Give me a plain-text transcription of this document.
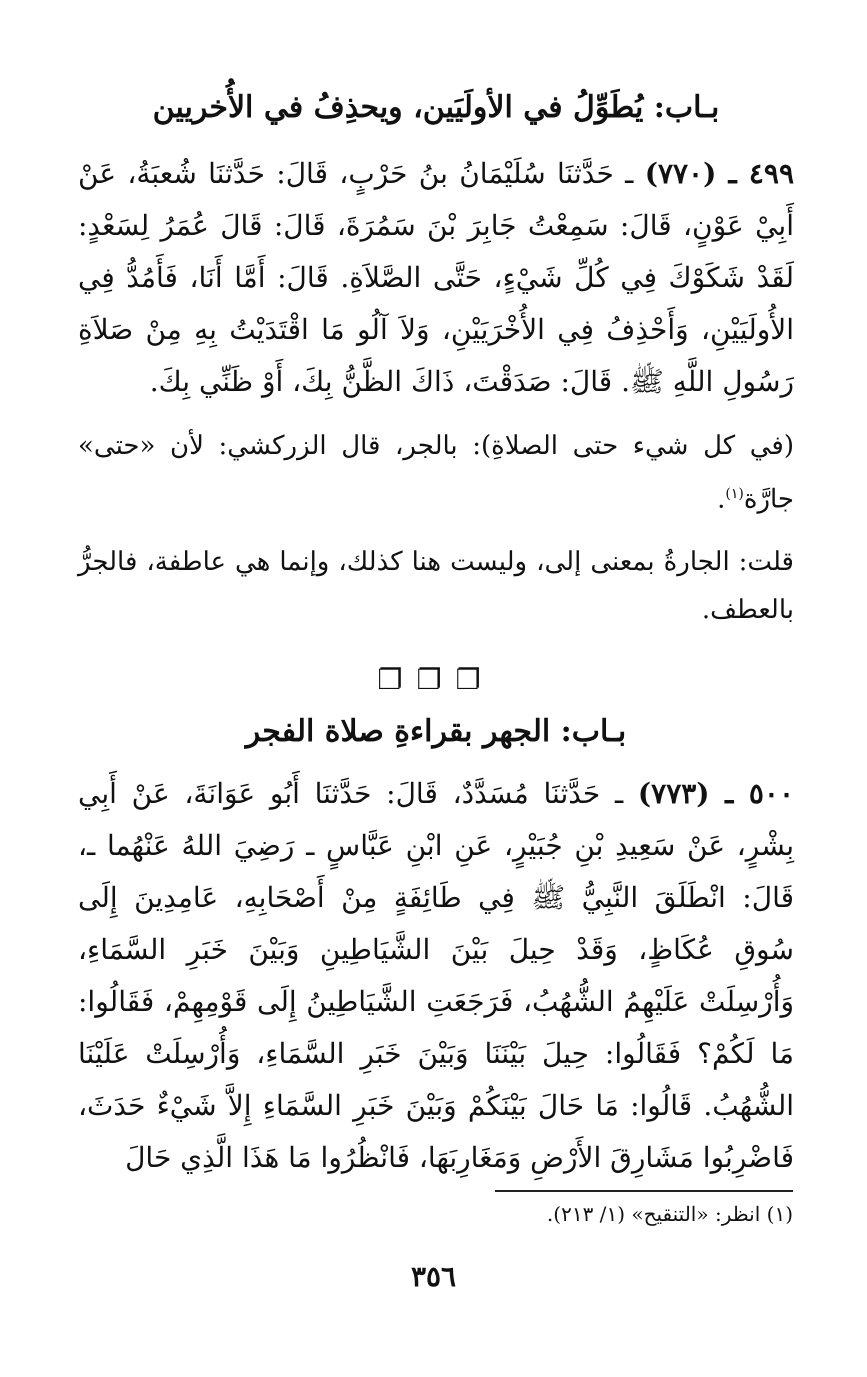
بـاب: يُطَوِّلُ في الأولَيَين، ويحذِفُ في الأُخريين

٤٩٩ ـ (٧٧٠) ـ حَدَّثنَا سُلَيْمَانُ بنُ حَرْبٍ، قَالَ: حَدَّثنَا شُعبَةُ، عَنْ أَبِيْ عَوْنٍ، قَالَ: سَمِعْتُ جَابِرَ بْنَ سَمُرَةَ، قَالَ: قَالَ عُمَرُ لِسَعْدٍ: لَقَدْ شَكَوْكَ فِي كُلِّ شَيْءٍ، حَتَّى الصَّلاَةِ. قَالَ: أَمَّا أَنَا، فَأَمُدُّ فِي الأُولَيَيْنِ، وَأَحْذِفُ فِي الأُخْرَيَيْنِ، وَلاَ آلُو مَا اقْتَدَيْتُ بِهِ مِنْ صَلاَةِ رَسُولِ اللَّهِ ﷺ. قَالَ: صَدَقْتَ، ذَاكَ الظَّنُّ بِكَ، أَوْ ظَنِّي بِكَ.

(في كل شيء حتى الصلاةِ): بالجر، قال الزركشي: لأن «حتى» جارَّة$^{(١)}$.

قلت: الجارةُ بمعنى إلى، وليست هنا كذلك، وإنما هي عاطفة، فالجرُّ بالعطف.

❐❐❐

بـاب: الجهر بقراءةِ صلاة الفجر

٥٠٠ ـ (٧٧٣) ـ حَدَّثنَا مُسَدَّدٌ، قَالَ: حَدَّثنَا أَبُو عَوَانَةَ، عَنْ أَبِي بِشْرٍ، عَنْ سَعِيدِ بْنِ جُبَيْرٍ، عَنِ ابْنِ عَبَّاسٍ ـ رَضِيَ اللهُ عَنْهُما ـ، قَالَ: انْطَلَقَ النَّبِيُّ ﷺ فِي طَائِفَةٍ مِنْ أَصْحَابِهِ، عَامِدِينَ إِلَى سُوقِ عُكَاظٍ، وَقَدْ حِيلَ بَيْنَ الشَّيَاطِينِ وَبَيْنَ خَبَرِ السَّمَاءِ، وَأُرْسِلَتْ عَلَيْهِمُ الشُّهُبُ، فَرَجَعَتِ الشَّيَاطِينُ إِلَى قَوْمِهِمْ، فَقَالُوا: مَا لَكُمْ؟ فَقَالُوا: حِيلَ بَيْنَنَا وَبَيْنَ خَبَرِ السَّمَاءِ، وَأُرْسِلَتْ عَلَيْنَا الشُّهُبُ. قَالُوا: مَا حَالَ بَيْنَكُمْ وَبَيْنَ خَبَرِ السَّمَاءِ إِلاَّ شَيْءٌ حَدَثَ، فَاضْرِبُوا مَشَارِقَ الأَرْضِ وَمَغَارِبَهَا، فَانْظُرُوا مَا هَذَا الَّذِي حَالَ

(١) انظر: «التنقيح» (١/ ٢١٣).
٣٥٦
